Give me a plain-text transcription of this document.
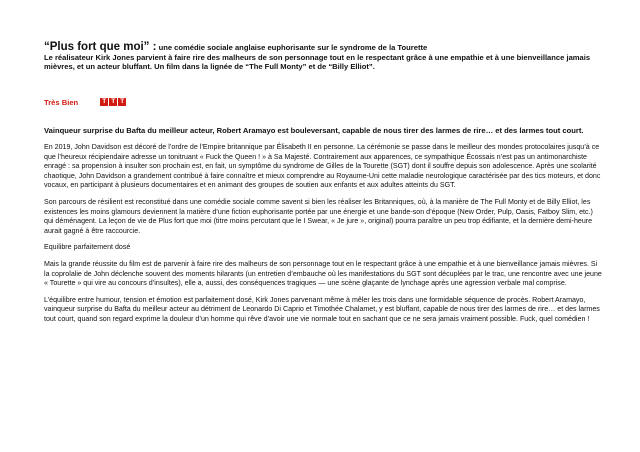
“Plus fort que moi” : une comédie sociale anglaise euphorisante sur le syndrome de la Tourette
Le réalisateur Kirk Jones parvient à faire rire des malheurs de son personnage tout en le respectant grâce à une empathie et à une bienveillance jamais mièvres, et un acteur bluffant. Un film dans la lignée de “The Full Monty” et de “Billy Elliot”.
Très Bien	T T T

Vainqueur surprise du Bafta du meilleur acteur, Robert Aramayo est bouleversant, capable de nous tirer des larmes de rire… et des larmes tout court.

En 2019, John Davidson est décoré de l’ordre de l’Empire britannique par Élisabeth II en personne. La cérémonie se passe dans le meilleur des mondes protocolaires jusqu’à ce que l’heureux récipiendaire adresse un tonitruant « Fuck the Queen ! » à Sa Majesté. Contrairement aux apparences, ce sympathique Écossais n’est pas un antimonarchiste enragé : sa propension à insulter son prochain est, en fait, un symptôme du syndrome de Gilles de la Tourette (SGT) dont il souffre depuis son adolescence. Après une scolarité chaotique, John Davidson a grandement contribué à faire connaître et mieux comprendre au Royaume-Uni cette maladie neurologique caractérisée par des tics moteurs, et donc vocaux, en participant à plusieurs documentaires et en animant des groupes de soutien aux enfants et aux adultes atteints du SGT.

Son parcours de résilient est reconstitué dans une comédie sociale comme savent si bien les réaliser les Britanniques, où, à la manière de The Full Monty et de Billy Elliot, les existences les moins glamours deviennent la matière d’une fiction euphorisante portée par une énergie et une bande-son d’époque (New Order, Pulp, Oasis, Fatboy Slim, etc.) qui déménagent. La leçon de vie de Plus fort que moi (titre moins percutant que le I Swear, « Je jure », original) pourra paraître un peu trop édifiante, et la dernière demi-heure aurait gagné à être raccourcie.

Equilibre parfaitement dosé

Mais la grande réussite du film est de parvenir à faire rire des malheurs de son personnage tout en le respectant grâce à une empathie et à une bienveillance jamais mièvres. Si la coprolalie de John déclenche souvent des moments hilarants (un entretien d’embauche où les manifestations du SGT sont décuplées par le trac, une rencontre avec une jeune « Tourette » qui vire au concours d’insultes), elle a, aussi, des conséquences tragiques — une scène glaçante de lynchage après une agression verbale mal comprise.

L’équilibre entre humour, tension et émotion est parfaitement dosé, Kirk Jones parvenant même à mêler les trois dans une formidable séquence de procès. Robert Aramayo, vainqueur surprise du Bafta du meilleur acteur au détriment de Leonardo Di Caprio et Timothée Chalamet, y est bluffant, capable de nous tirer des larmes de rire… et des larmes tout court, quand son regard exprime la douleur d’un homme qui rêve d’avoir une vie normale tout en sachant que ce ne sera jamais vraiment possible. Fuck, quel comédien !
